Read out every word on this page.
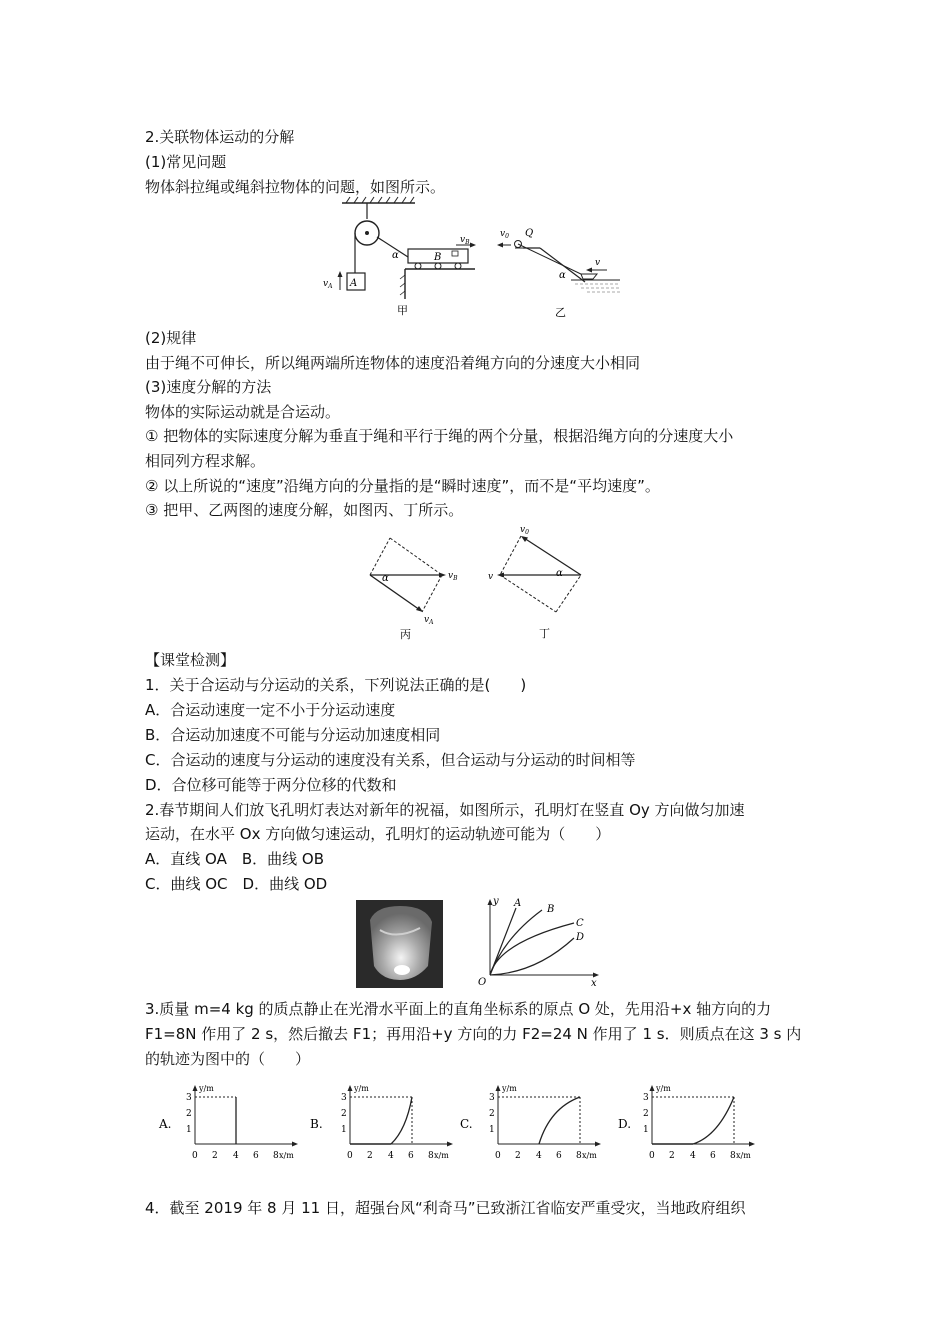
2.关联物体运动的分解
(1)常见问题
物体斜拉绳或绳斜拉物体的问题，如图所示。
A
$v_A$
α	B
$v_B$
甲
$v_0$ Q
α
v
乙
(2)规律
由于绳不可伸长，所以绳两端所连物体的速度沿着绳方向的分速度大小相同
(3)速度分解的方法
物体的实际运动就是合运动。
① 把物体的实际速度分解为垂直于绳和平行于绳的两个分量，根据沿绳方向的分速度大小
相同列方程求解。
② 以上所说的“速度”沿绳方向的分量指的是“瞬时速度”，而不是“平均速度”。
③ 把甲、乙两图的速度分解，如图丙、丁所示。
α	$v_B$
$v_A$
丙
$v_0$
v	α
丁
【课堂检测】
1．关于合运动与分运动的关系，下列说法正确的是(　　)
A．合运动速度一定不小于分运动速度
B．合运动加速度不可能与分运动加速度相同
C．合运动的速度与分运动的速度没有关系，但合运动与分运动的时间相等
D．合位移可能等于两分位移的代数和
2.春节期间人们放飞孔明灯表达对新年的祝福，如图所示，孔明灯在竖直 Oy 方向做匀加速
运动，在水平 Ox 方向做匀速运动，孔明灯的运动轨迹可能为（　　）
A．直线 OA　B．曲线 OB
C．曲线 OC　D．曲线 OD
y
x
O
A
B
C
D
3.质量 m=4 kg 的质点静止在光滑水平面上的直角坐标系的原点 O 处，先用沿+x 轴方向的力
F1=8N 作用了 2 s，然后撤去 F1；再用沿+y 方向的力 F2=24 N 作用了 1 s．则质点在这 3 s 内
的轨迹为图中的（　　）
A.
y/m
x/m
0 2 4 6 8
1
2
3
B.
y/m
x/m
0 2 4 6 8
1
2
3
C.
y/m
x/m
0 2 4 6 8
1
2
3
D.
y/m
x/m
0 2 4 6 8
1
2
3
4．截至 2019 年 8 月 11 日，超强台风“利奇马”已致浙江省临安严重受灾，当地政府组织
